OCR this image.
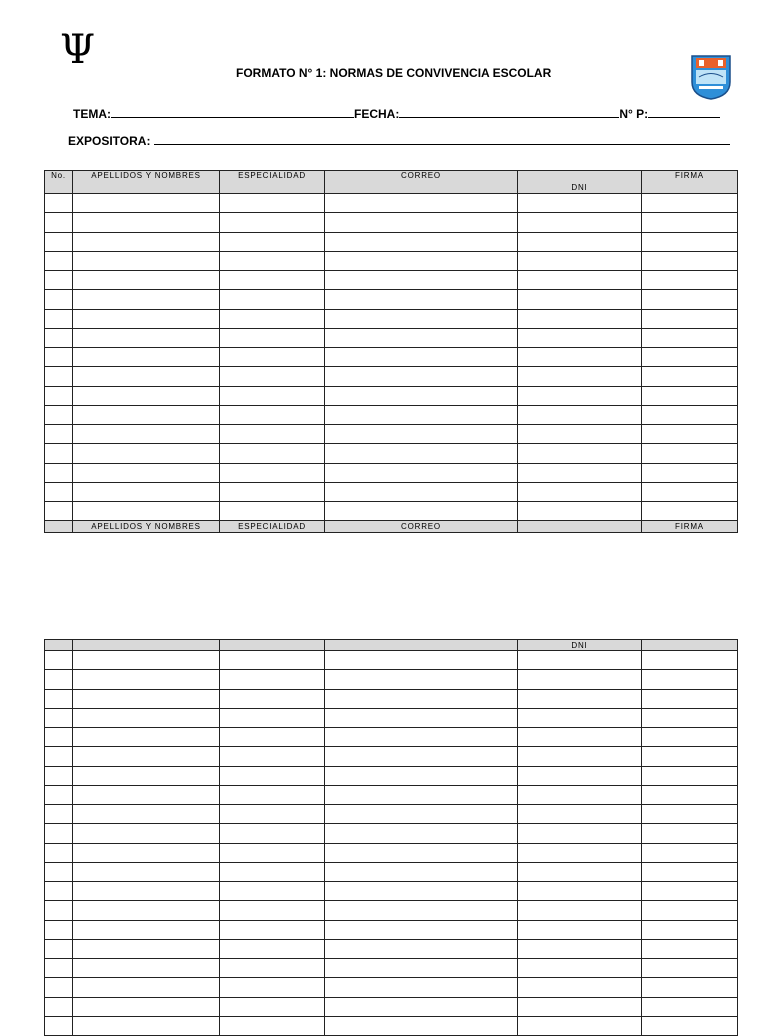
Ψ	FORMATO N° 1: NORMAS DE CONVIVENCIA ESCOLAR
TEMA:	FECHA:	N° P:
EXPOSITORA:
No.	APELLIDOS Y NOMBRES	ESPECIALIDAD	CORREO	DNI	FIRMA

	APELLIDOS Y NOMBRES	ESPECIALIDAD	CORREO		FIRMA
				DNI	
